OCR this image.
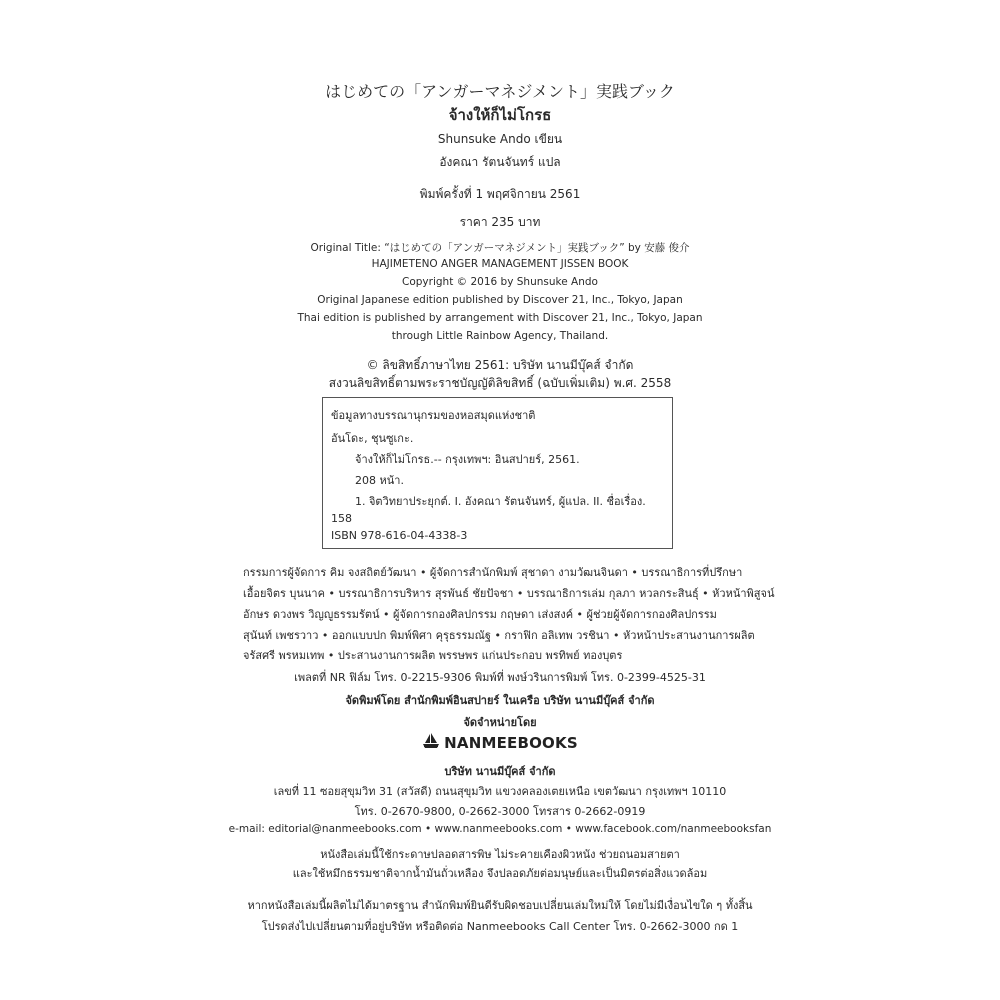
はじめての「アンガーマネジメント」実践ブック
จ้างให้ก็ไม่โกรธ
Shunsuke Ando เขียน
อังคณา รัตนจันทร์ แปล
พิมพ์ครั้งที่ 1 พฤศจิกายน 2561
ราคา 235 บาท
Original Title: “はじめての「アンガーマネジメント」実践ブック” by 安藤 俊介
HAJIMETENO ANGER MANAGEMENT JISSEN BOOK
Copyright © 2016 by Shunsuke Ando
Original Japanese edition published by Discover 21, Inc., Tokyo, Japan
Thai edition is published by arrangement with Discover 21, Inc., Tokyo, Japan
through Little Rainbow Agency, Thailand.
© ลิขสิทธิ์ภาษาไทย 2561: บริษัท นานมีบุ๊คส์ จำกัด
สงวนลิขสิทธิ์ตามพระราชบัญญัติลิขสิทธิ์ (ฉบับเพิ่มเติม) พ.ศ. 2558
ข้อมูลทางบรรณานุกรมของหอสมุดแห่งชาติ
อันโดะ, ชุนซูเกะ.
จ้างให้ก็ไม่โกรธ.-- กรุงเทพฯ: อินสปายร์, 2561.
208 หน้า.
1. จิตวิทยาประยุกต์. I. อังคณา รัตนจันทร์, ผู้แปล. II. ชื่อเรื่อง.
158
ISBN 978-616-04-4338-3
กรรมการผู้จัดการ คิม จงสถิตย์วัฒนา • ผู้จัดการสำนักพิมพ์ สุชาดา งามวัฒนจินดา • บรรณาธิการที่ปรึกษา
เอื้อยจิตร บุนนาค • บรรณาธิการบริหาร สุรพันธ์ ชัยปัจชา • บรรณาธิการเล่ม กุลภา หวลกระสินธุ์ • หัวหน้าพิสูจน์
อักษร ดวงพร วิญญูธรรมรัตน์ • ผู้จัดการกองศิลปกรรม กฤษดา เส่งสงค์ • ผู้ช่วยผู้จัดการกองศิลปกรรม
สุนันท์ เพชรวาว • ออกแบบปก พิมพ์พิศา คุรุธรรมณัฐ • กราฟิก อลิเทพ วรชินา • หัวหน้าประสานงานการผลิต
จรัสศรี พรหมเทพ • ประสานงานการผลิต พรรษพร แก่นประกอบ พรทิพย์ ทองบุตร
เพลตที่ NR ฟิล์ม โทร. 0-2215-9306 พิมพ์ที่ พงษ์วรินการพิมพ์ โทร. 0-2399-4525-31
จัดพิมพ์โดย สำนักพิมพ์อินสปายร์ ในเครือ บริษัท นานมีบุ๊คส์ จำกัด
จัดจำหน่ายโดย
NANMEEBOOKS
บริษัท นานมีบุ๊คส์ จำกัด
เลขที่ 11 ซอยสุขุมวิท 31 (สวัสดี) ถนนสุขุมวิท แขวงคลองเตยเหนือ เขตวัฒนา กรุงเทพฯ 10110
โทร. 0-2670-9800, 0-2662-3000 โทรสาร 0-2662-0919
e-mail: editorial@nanmeebooks.com • www.nanmeebooks.com • www.facebook.com/nanmeebooksfan
หนังสือเล่มนี้ใช้กระดาษปลอดสารพิษ ไม่ระคายเคืองผิวหนัง ช่วยถนอมสายตา
และใช้หมึกธรรมชาติจากน้ำมันถั่วเหลือง จึงปลอดภัยต่อมนุษย์และเป็นมิตรต่อสิ่งแวดล้อม
หากหนังสือเล่มนี้ผลิตไม่ได้มาตรฐาน สำนักพิมพ์ยินดีรับผิดชอบเปลี่ยนเล่มใหม่ให้ โดยไม่มีเงื่อนไขใด ๆ ทั้งสิ้น
โปรดส่งไปเปลี่ยนตามที่อยู่บริษัท หรือติดต่อ Nanmeebooks Call Center โทร. 0-2662-3000 กด 1
